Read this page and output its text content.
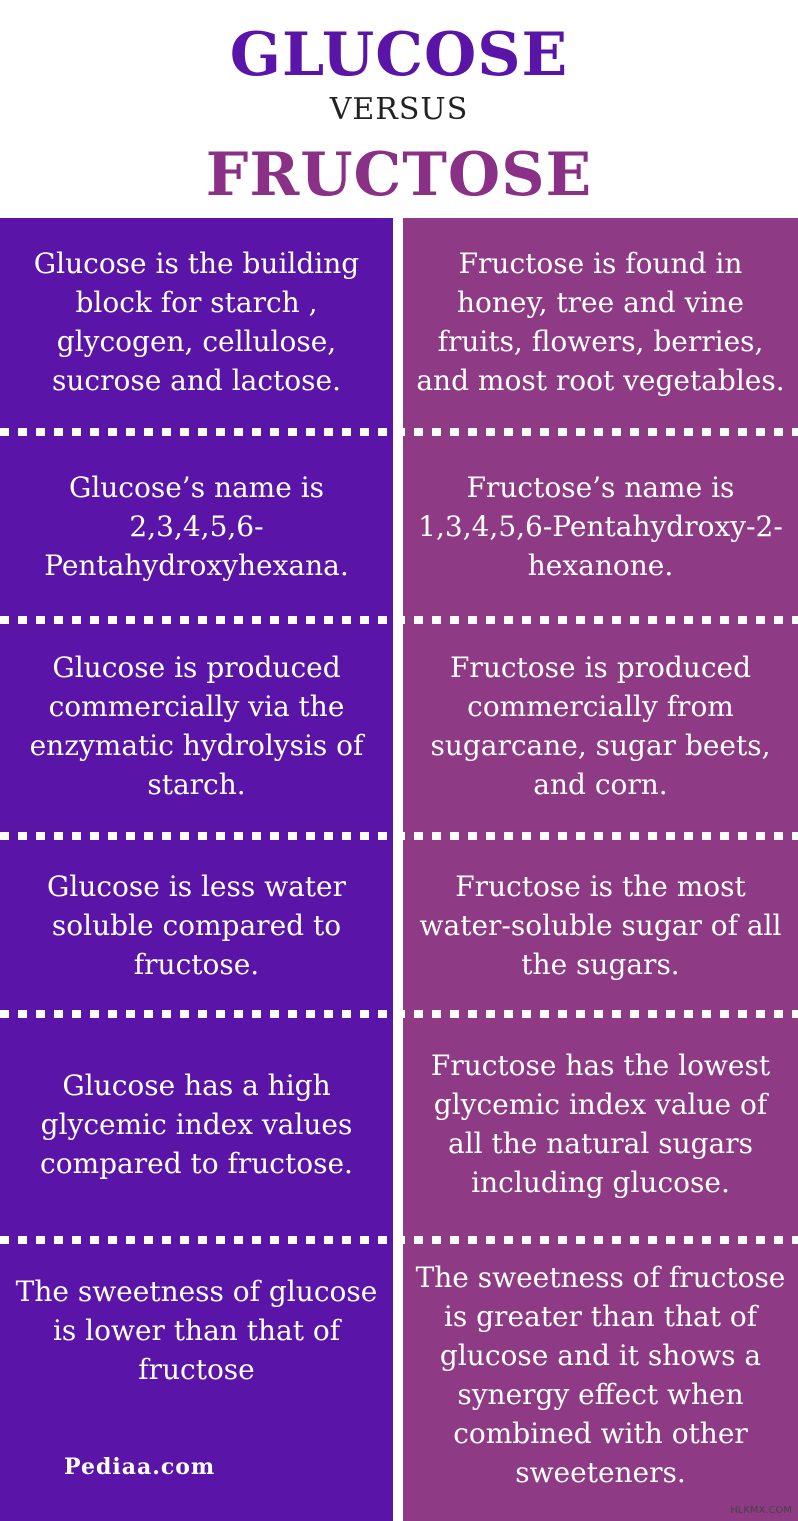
GLUCOSE
VERSUS
FRUCTOSE
Glucose is the building block for starch , glycogen, cellulose, sucrose and lactose.
Fructose is found in honey, tree and vine fruits, flowers, berries, and most root vegetables.
Glucose’s name is 2,3,4,5,6-Pentahydroxyhexana.
Fructose’s name is 1,3,4,5,6-Pentahydroxy-2-hexanone.
Glucose is produced commercially via the enzymatic hydrolysis of starch.
Fructose is produced commercially from sugarcane, sugar beets, and corn.
Glucose is less water soluble compared to fructose.
Fructose is the most water-soluble sugar of all the sugars.
Glucose has a high glycemic index values compared to fructose.
Fructose has the lowest glycemic index value of all the natural sugars including glucose.
The sweetness of glucose is lower than that of fructose
The sweetness of fructose is greater than that of glucose and it shows a synergy effect when combined with other sweeteners.
Pediaa.com
HLKMX.COM
